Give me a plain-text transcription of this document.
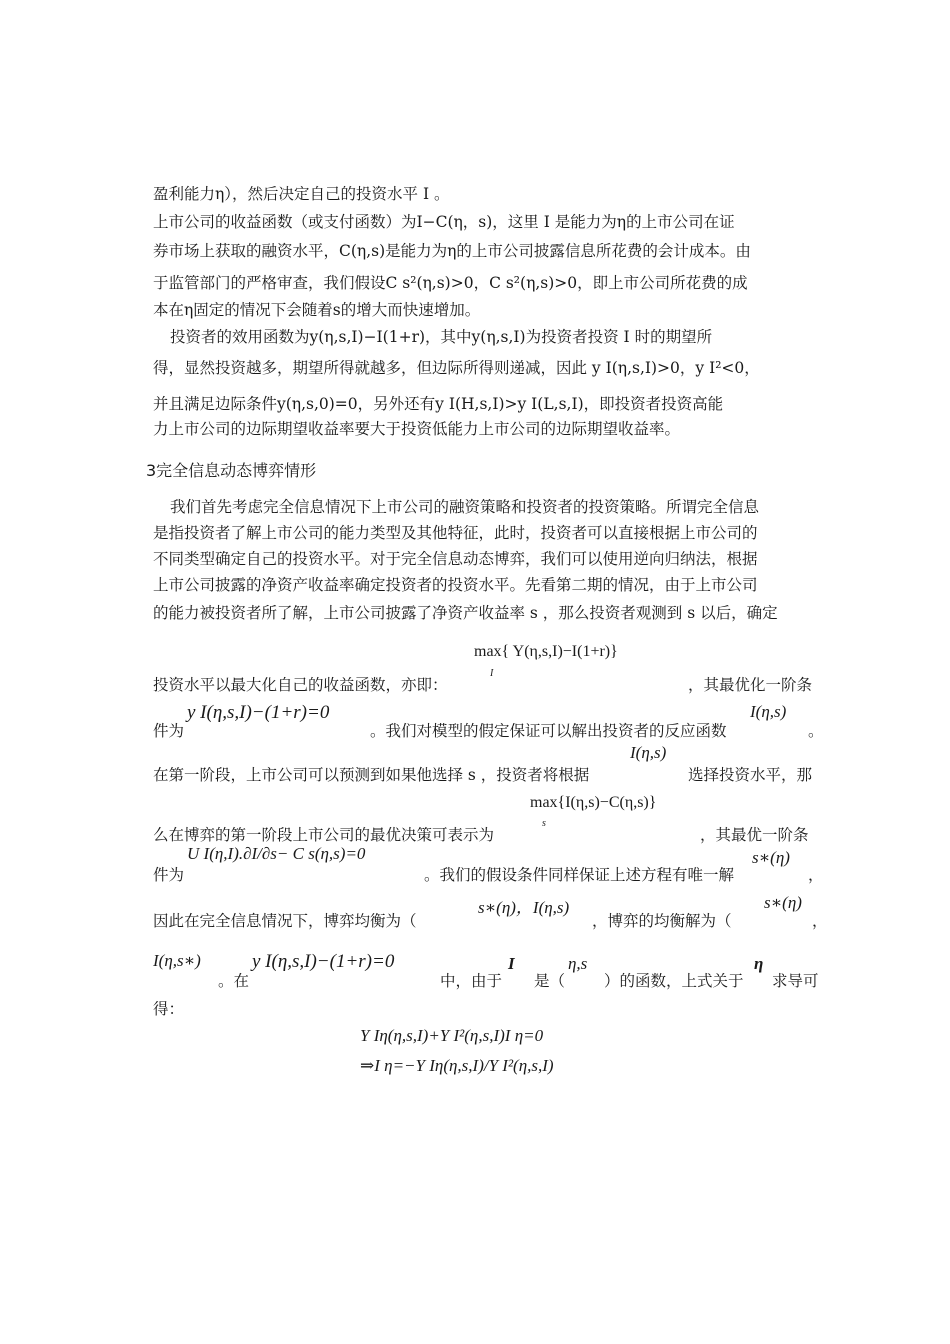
盈利能力η），然后决定自己的投资水平 I 。
上市公司的收益函数（或支付函数）为I−C(η，s)，这里 I 是能力为η的上市公司在证
券市场上获取的融资水平，C(η,s)是能力为η的上市公司披露信息所花费的会计成本。由
于监管部门的严格审查，我们假设C s²(η,s)>0，C s²(η,s)>0，即上市公司所花费的成
本在η固定的情况下会随着s的增大而快速增加。
投资者的效用函数为y(η,s,I)−I(1+r)，其中y(η,s,I)为投资者投资 I 时的期望所
得，显然投资越多，期望所得就越多，但边际所得则递减，因此 y I(η,s,I)>0，y I²<0，
并且满足边际条件y(η,s,0)=0，另外还有y I(H,s,I)>y I(L,s,I)，即投资者投资高能
力上市公司的边际期望收益率要大于投资低能力上市公司的边际期望收益率。
3完全信息动态博弈情形
我们首先考虑完全信息情况下上市公司的融资策略和投资者的投资策略。所谓完全信息
是指投资者了解上市公司的能力类型及其他特征，此时，投资者可以直接根据上市公司的
不同类型确定自己的投资水平。对于完全信息动态博弈，我们可以使用逆向归纳法，根据
上市公司披露的净资产收益率确定投资者的投资水平。先看第二期的情况，由于上市公司
的能力被投资者所了解，上市公司披露了净资产收益率 s ，那么投资者观测到 s 以后，确定
max{ Y(η,s,I)−I(1+r)}
I
投资水平以最大化自己的收益函数，亦即：	，其最优化一阶条
件为
y I(η,s,I)−(1+r)=0
。我们对模型的假定保证可以解出投资者的反应函数
I(η,s)
。
在第一阶段，上市公司可以预测到如果他选择 s ，投资者将根据
I(η,s)
选择投资水平，那
max{I(η,s)−C(η,s)}
s
么在博弈的第一阶段上市公司的最优决策可表示为	，其最优一阶条
件为
U I(η,I).∂I/∂s− C s(η,s)=0
。我们的假设条件同样保证上述方程有唯一解
s∗(η)
，
因此在完全信息情况下，博弈均衡为（
s∗(η)，I(η,s)
，博弈的均衡解为（
s∗(η)
，
I(η,s∗)
。在
y I(η,s,I)−(1+r)=0
中，由于
I
是（
η,s
）的函数，上式关于
η
求导可
得：
Y Iη(η,s,I)+Y I²(η,s,I)I η=0
⇒I η=−Y Iη(η,s,I)/Y I²(η,s,I)
